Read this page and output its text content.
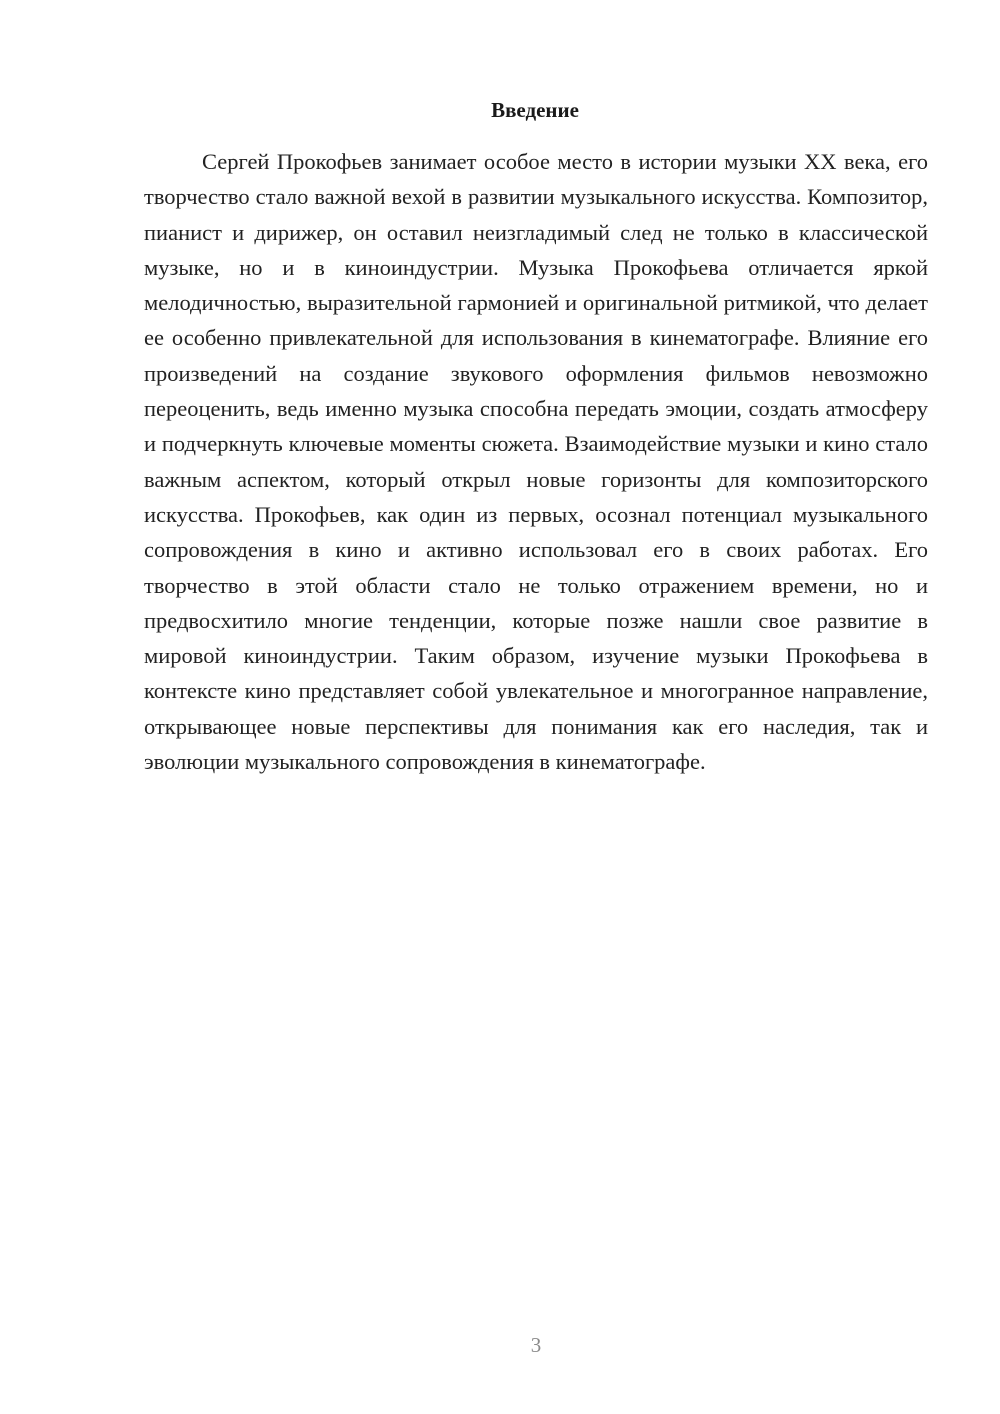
Введение

Сергей Прокофьев занимает особое место в истории музыки XX века, его творчество стало важной вехой в развитии музыкального искусства. Композитор, пианист и дирижер, он оставил неизгладимый след не только в классической музыке, но и в киноиндустрии. Музыка Прокофьева отличается яркой мелодичностью, выразительной гармонией и оригинальной ритмикой, что делает ее особенно привлекательной для использования в кинематографе. Влияние его произведений на создание звукового оформления фильмов невозможно переоценить, ведь именно музыка способна передать эмоции, создать атмосферу и подчеркнуть ключевые моменты сюжета. Взаимодействие музыки и кино стало важным аспектом, который открыл новые горизонты для композиторского искусства. Прокофьев, как один из первых, осознал потенциал музыкального сопровождения в кино и активно использовал его в своих работах. Его творчество в этой области стало не только отражением времени, но и предвосхитило многие тенденции, которые позже нашли свое развитие в мировой киноиндустрии. Таким образом, изучение музыки Прокофьева в контексте кино представляет собой увлекательное и многогранное направление, открывающее новые перспективы для понимания как его наследия, так и эволюции музыкального сопровождения в кинематографе.

3
